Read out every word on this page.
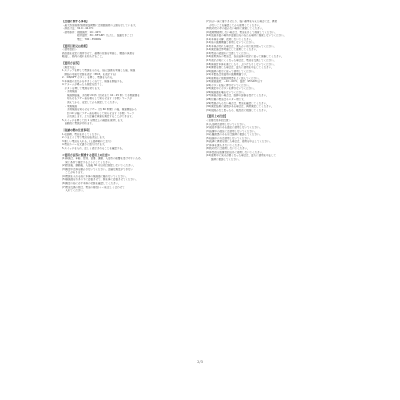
【仕様に関する事項】
・最大許容温度/温度保証期間には周囲温度の上限を示しています。
・商品寸法：32.0〜42.0℃
・使用条件：周囲温度：10〜40℃
　　　　　　相対湿度：30〜85%RH（ただし、結露なきこと）
　　　　　　電圧：700〜3500Pa
【使用目的又は効果】
＜使用目的＞
商品部を安定に保持させて、循環の改善を実施し、腰部の負担を
軽減し、筋肉の疲れを和らげること。
【使用方法等】
［測定方法］
1.ステップを押して電源を入れる。(自己診断を実施した後、検温
　開始の可能な状態を表示「88.8」を表示する)
2.「ON/OFF ボタン」を押し、電源を入れる。
3.本体部のおなかをやさしく当てて、検温を開始する。
4.アラームが鳴ったら測定を終了し、
　ボタンを押して電源を切ります。
　・予熱検温
　　検温開始後、予約時 20 秒（約めまで 10〜25 秒）で予熱経過を
　　知らせるブザー音を鳴らして知らせます（予熱）マークが
　　消えてから、安定してから測定してください。
　・実測検温
　　予熱検温を知らせるブザー（約 60 秒間）の後、検温開始から
　　約 10 分後にブザー音を鳴らして知らせます（予熱）マーク
　　が点滅します。より正確な体温を測定することができます。
5.スイッチを押して約 1 分間は上の画面を保持します。
　自動的に電源が切れます。
［収納の際の注意事項］
1.収納時、電池を外してください。
2.つまようじ等で電池を抜き出します。
3.新しい電池を入れる。(上部印刷のとおり)
4.電池カバーを元通りに取り付けます。
5.スイッチを入れ、正しく表示されることを確認する。
＜使用方法等に関連する使用上の注意＞
(1)体温は、年齢、性別、食事、運動、入浴等の影響を受けやすいため、
　 同じ条件で測定するようにしてください。
(2)飲食後、運動後、入浴後 30 分以内は測定しないでください。
(3)測定中は体を動かさないでください。正確な測定ができない
　 ことがあります。
(4)電源を入れる前に本体の検温部に触れないでください。
(5)検温部をわきの下に密着させて、腕を体に密着させてください。
(6)測定の前に必ず本体の状態を確認してください。
(7)電池交換の際は、電池の極性(＋−)を正しく合わせて
　 入れてください。
(7)万が一床に落下させたり、強い衝撃を与えた場合には、異常
　 がないことを確認してから使用してください。
(8)乳幼児の手の届かない場所に保管してください。
(9)長時間使用しない場合は、電池を外して保管してください。
(10)高温多湿の場所や直射日光の当たる場所に保管しないでください。
(11)本体を分解、改造しないでください。
(12)他の医療機器と併用しないでください。
(13)本体が汚れた場合は、柔らかい布で拭き取ってください。
(14)測定値は参考値として使用してください。
(15)電池の液漏れに注意してください。
(16)使用済みの電池は、各自治体の指示に従って廃棄してください。
(17)表示が見にくくなった場合は、電池を交換してください。
(18)体温計本体を落としたり、ぶつけたりしないでください。
(19)異常を感じた場合は、直ちに使用を中止してください。
(20)医師の指示に従って使用してください。
(21)本製品は家庭用の医療機器です。
(22)使用前に取扱説明書をよく読んでください。
(23)保管温度：−10〜60℃、湿度：95%RH 以下
(24)ボタンを強く押さないでください。
(25)測定中にボタンを押さないでください。
(26)検温部を噛まないでください。
(27)体温が高い場合は、医師の診察を受けてください。
(28)付属の電池はモニター用です。
(29)電源が入らない場合は、電池を確認してください。
(30)測定結果に疑問がある場合は、再度測定してください。
(31)故障かなと思ったら、販売店に相談してください。
【使用上の注意】
＜重要な基本的注意＞
(1)入浴時は使用しないでください。
(2)炎症や傷のある部位に使用しないでください。
(3)治療中の部位には使用しないでください。
(4)心臓疾患のある方は医師に相談してください。
(5)妊娠中の方は使用しないでください。
(6)皮膚に異常を感じた場合は、使用を中止してください。
(7)本体を濡らさないでください。
(8)乳幼児には使用しないでください。
(9)本製品を医療目的以外に使用しないでください。
(10)使用中に気分が悪くなった場合は、直ちに使用を中止して
　　医師に相談してください。
2/3
